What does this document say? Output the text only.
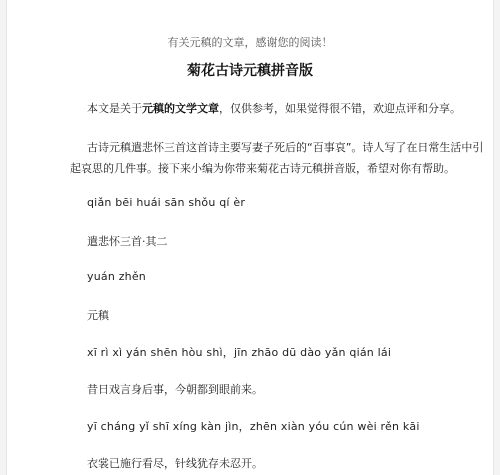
有关元稹的文章，感谢您的阅读！
菊花古诗元稹拼音版
本文是关于元稹的文学文章，仅供参考，如果觉得很不错，欢迎点评和分享。
古诗元稹遣悲怀三首这首诗主要写妻子死后的“百事哀”。诗人写了在日常生活中引
起哀思的几件事。接下来小编为你带来菊花古诗元稹拼音版，希望对你有帮助。
qiǎn bēi huái sān shǒu qí èr
遣悲怀三首·其二
yuán zhěn
元稹
xī rì xì yán shēn hòu shì，jīn zhāo dū dào yǎn qián lái
昔日戏言身后事，今朝都到眼前来。
yī cháng yǐ shī xíng kàn jìn，zhēn xiàn yóu cún wèi rěn kāi
衣裳已施行看尽，针线犹存未忍开。
